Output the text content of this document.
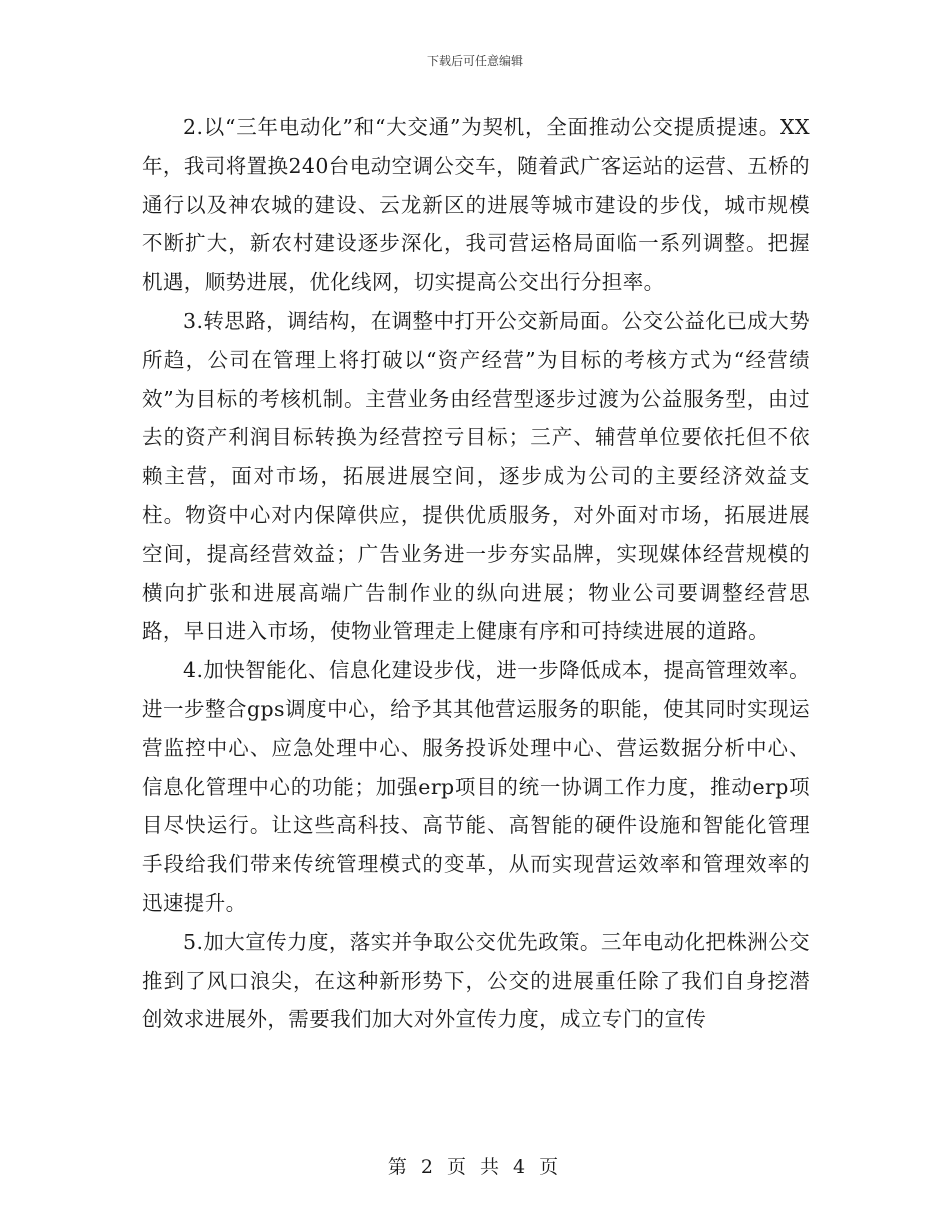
下载后可任意编辑

2.以“三年电动化”和“大交通”为契机，全面推动公交提质提速。XX年，我司将置换240台电动空调公交车，随着武广客运站的运营、五桥的通行以及神农城的建设、云龙新区的进展等城市建设的步伐，城市规模不断扩大，新农村建设逐步深化，我司营运格局面临一系列调整。把握机遇，顺势进展，优化线网，切实提高公交出行分担率。

3.转思路，调结构，在调整中打开公交新局面。公交公益化已成大势所趋，公司在管理上将打破以“资产经营”为目标的考核方式为“经营绩效”为目标的考核机制。主营业务由经营型逐步过渡为公益服务型，由过去的资产利润目标转换为经营控亏目标；三产、辅营单位要依托但不依赖主营，面对市场，拓展进展空间，逐步成为公司的主要经济效益支柱。物资中心对内保障供应，提供优质服务，对外面对市场，拓展进展空间，提高经营效益；广告业务进一步夯实品牌，实现媒体经营规模的横向扩张和进展高端广告制作业的纵向进展；物业公司要调整经营思路，早日进入市场，使物业管理走上健康有序和可持续进展的道路。

4.加快智能化、信息化建设步伐，进一步降低成本，提高管理效率。进一步整合gps调度中心，给予其其他营运服务的职能，使其同时实现运营监控中心、应急处理中心、服务投诉处理中心、营运数据分析中心、信息化管理中心的功能；加强erp项目的统一协调工作力度，推动erp项目尽快运行。让这些高科技、高节能、高智能的硬件设施和智能化管理手段给我们带来传统管理模式的变革，从而实现营运效率和管理效率的迅速提升。

5.加大宣传力度，落实并争取公交优先政策。三年电动化把株洲公交推到了风口浪尖，在这种新形势下，公交的进展重任除了我们自身挖潜创效求进展外，需要我们加大对外宣传力度，成立专门的宣传

第 2 页 共 4 页
